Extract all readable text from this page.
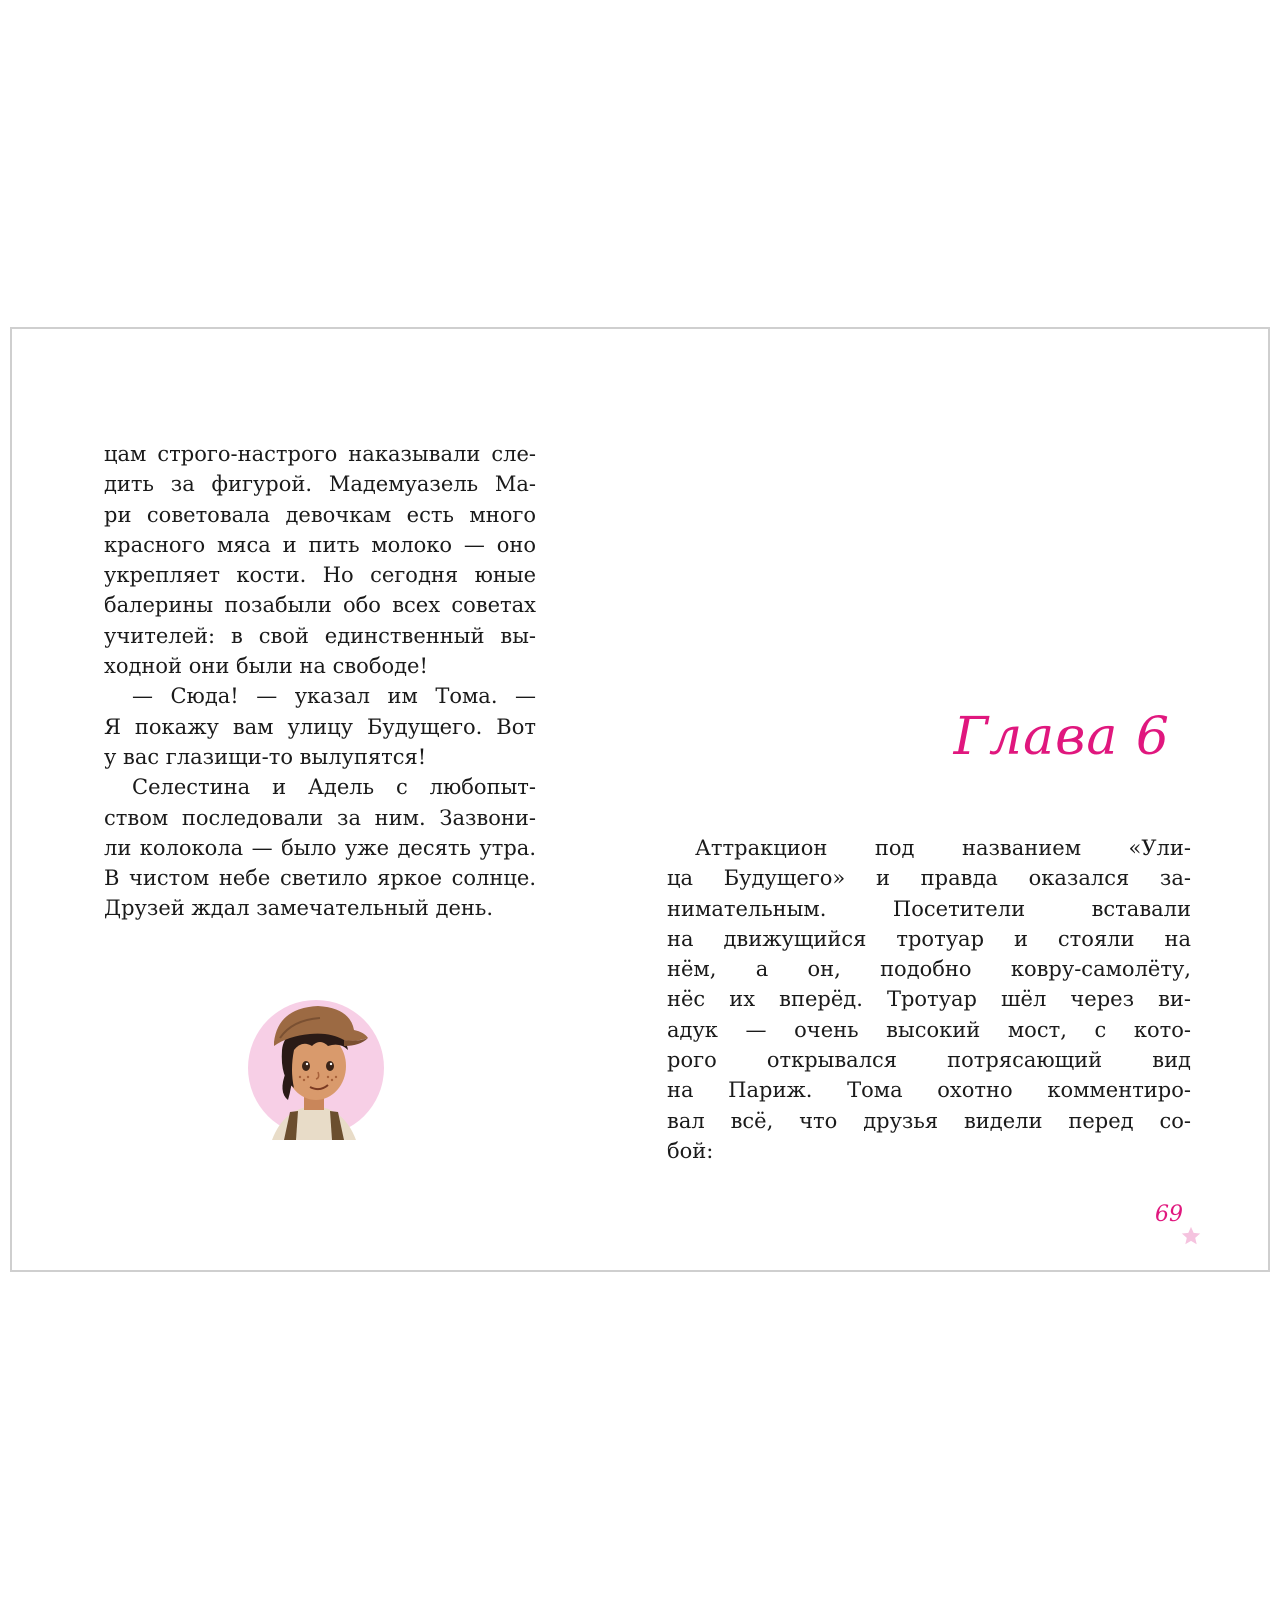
цам строго-настрого наказывали сле-
дить за фигурой. Мадемуазель Ма-
ри советовала девочкам есть много
красного мяса и пить молоко — оно
укрепляет кости. Но сегодня юные
балерины позабыли обо всех советах
учителей: в свой единственный вы-
ходной они были на свободе!
— Сюда! — указал им Тома. —
Я покажу вам улицу Будущего. Вот
у вас глазищи-то вылупятся!
Селестина и Адель с любопыт-
ством последовали за ним. Зазвони-
ли колокола — было уже десять утра.
В чистом небе светило яркое солнце.
Друзей ждал замечательный день.
Глава 6
Аттракцион под названием «Ули-
ца Будущего» и правда оказался за-
нимательным. Посетители вставали
на движущийся тротуар и стояли на
нём, а он, подобно ковру-самолёту,
нёс их вперёд. Тротуар шёл через ви-
адук — очень высокий мост, с кото-
рого открывался потрясающий вид
на Париж. Тома охотно комментиро-
вал всё, что друзья видели перед со-
бой:
69
